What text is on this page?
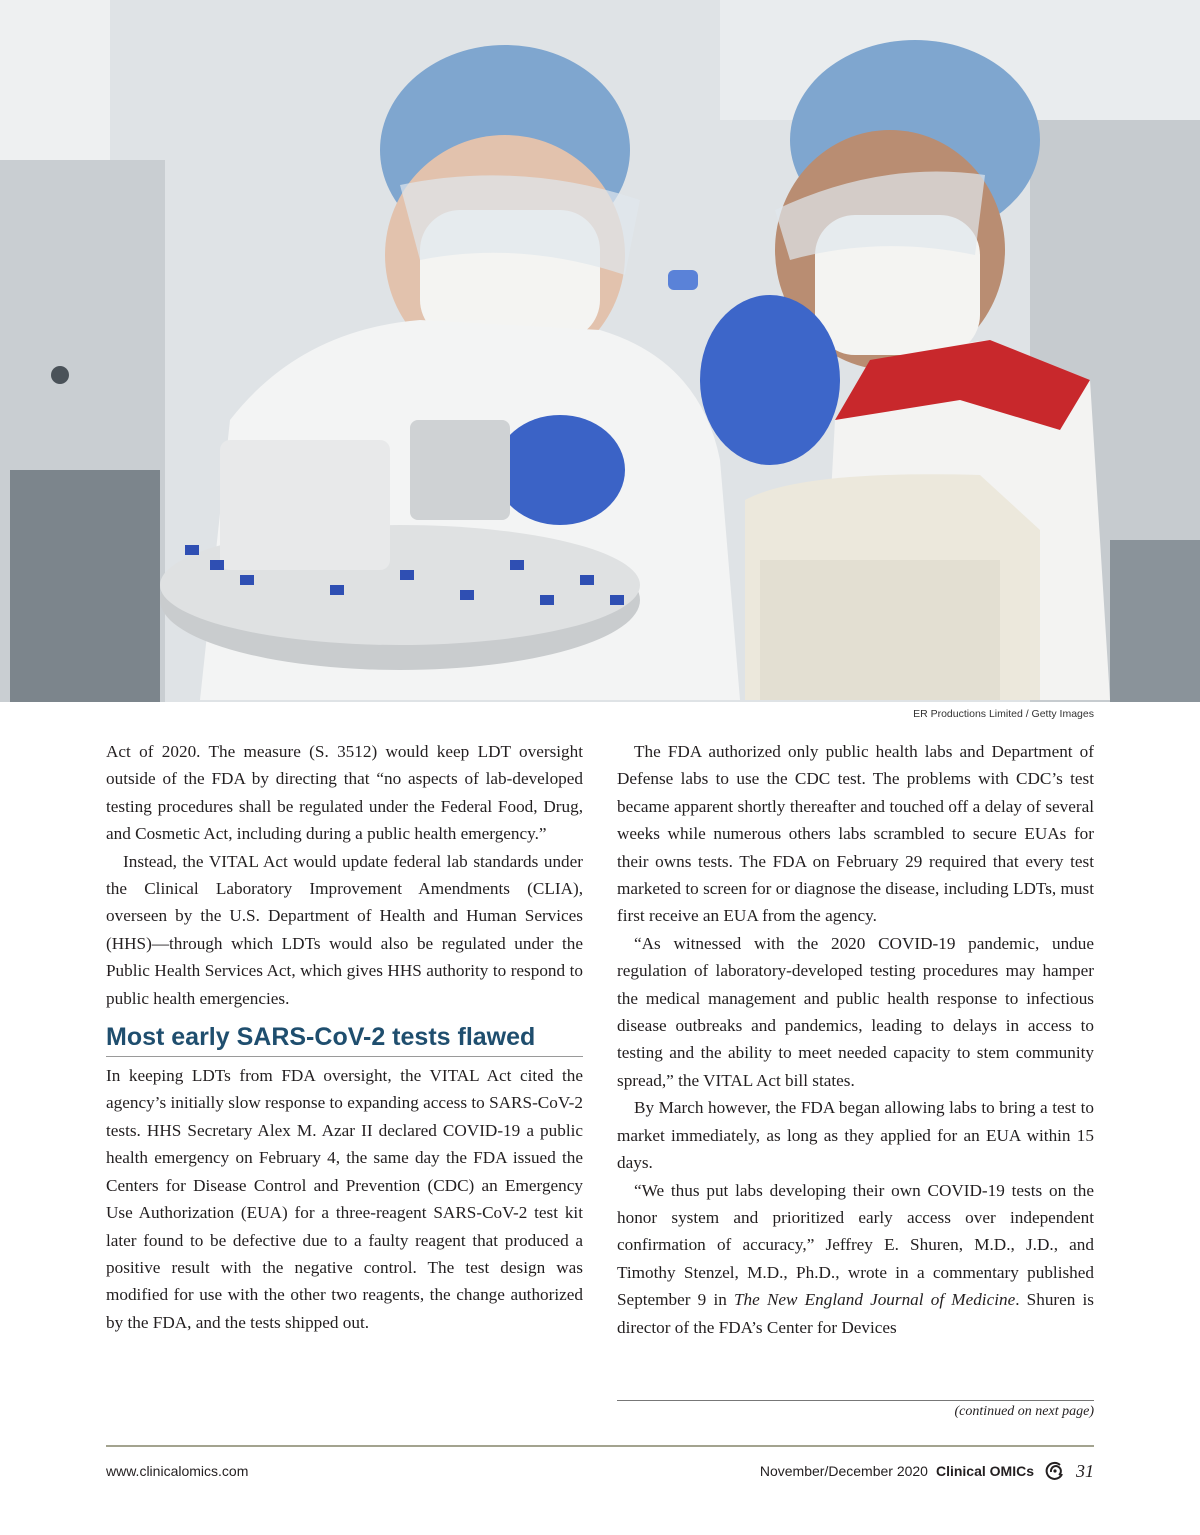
ER Productions Limited / Getty Images

Act of 2020. The measure (S. 3512) would keep LDT oversight outside of the FDA by directing that “no aspects of lab-developed testing procedures shall be regulated under the Federal Food, Drug, and Cosmetic Act, including during a public health emergency.”

Instead, the VITAL Act would update federal lab standards under the Clinical Laboratory Improvement Amendments (CLIA), overseen by the U.S. Department of Health and Human Services (HHS)—through which LDTs would also be regulated under the Public Health Services Act, which gives HHS authority to respond to public health emergencies.

Most early SARS-CoV-2 tests flawed

In keeping LDTs from FDA oversight, the VITAL Act cited the agency’s initially slow response to expanding access to SARS-CoV-2 tests. HHS Secretary Alex M. Azar II declared COVID-19 a public health emergency on February 4, the same day the FDA issued the Centers for Disease Control and Prevention (CDC) an Emergency Use Authorization (EUA) for a three-reagent SARS-CoV-2 test kit later found to be defective due to a faulty reagent that produced a positive result with the negative control. The test design was modified for use with the other two reagents, the change authorized by the FDA, and the tests shipped out.

The FDA authorized only public health labs and Department of Defense labs to use the CDC test. The problems with CDC’s test became apparent shortly thereafter and touched off a delay of several weeks while numerous others labs scrambled to secure EUAs for their owns tests. The FDA on February 29 required that every test marketed to screen for or diagnose the disease, including LDTs, must first receive an EUA from the agency.

“As witnessed with the 2020 COVID-19 pandemic, undue regulation of laboratory-developed testing procedures may hamper the medical management and public health response to infectious disease outbreaks and pandemics, leading to delays in access to testing and the ability to meet needed capacity to stem community spread,” the VITAL Act bill states.

By March however, the FDA began allowing labs to bring a test to market immediately, as long as they applied for an EUA within 15 days.

“We thus put labs developing their own COVID-19 tests on the honor system and prioritized early access over independent confirmation of accuracy,” Jeffrey E. Shuren, M.D., J.D., and Timothy Stenzel, M.D., Ph.D., wrote in a commentary published September 9 in The New England Journal of Medicine. Shuren is director of the FDA’s Center for Devices

(continued on next page)
www.clinicalomics.com	November/December 2020 Clinical OMICs 31
